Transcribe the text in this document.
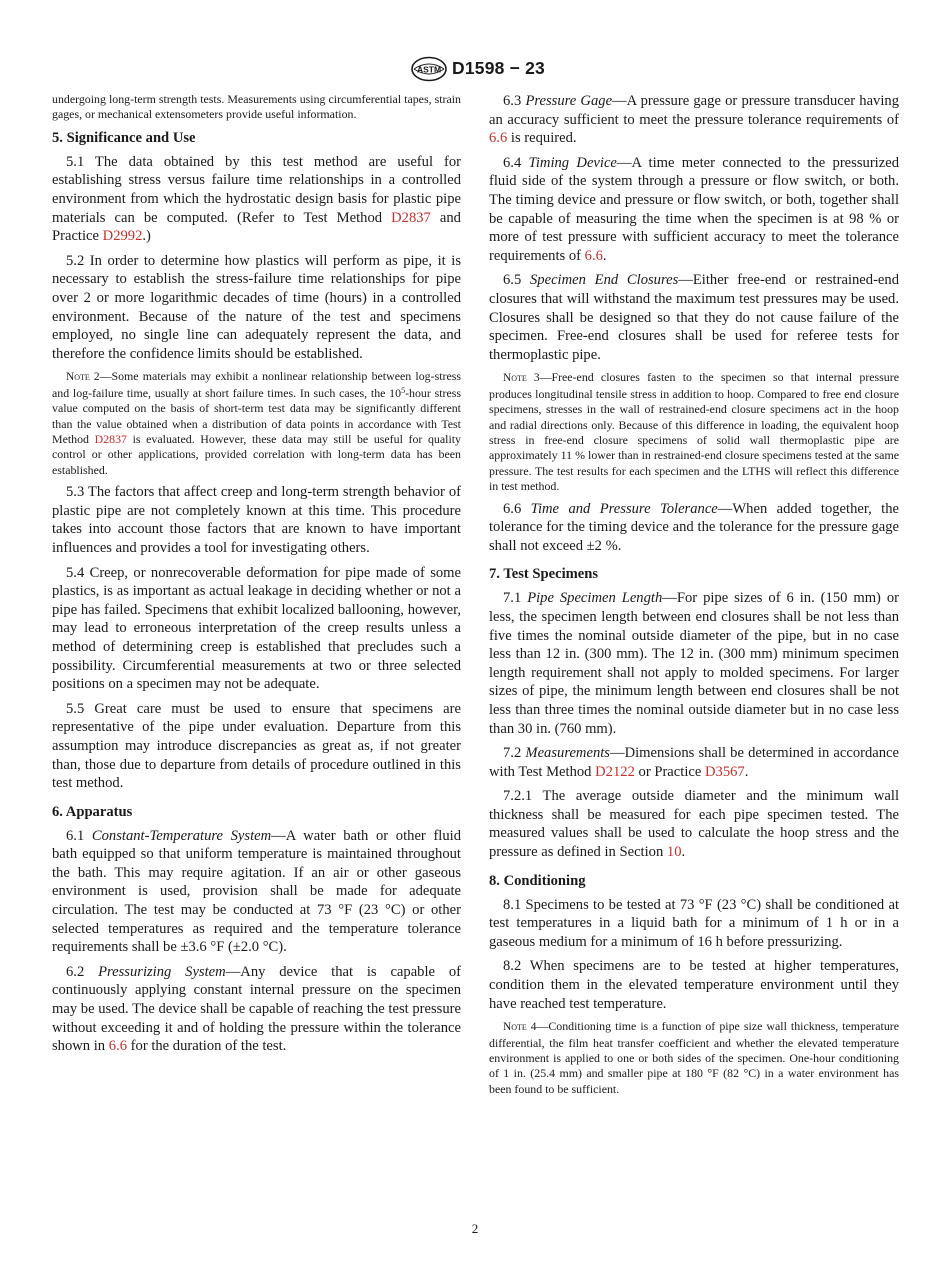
ASTM D1598 − 23

undergoing long-term strength tests. Measurements using circumferential tapes, strain gages, or mechanical extensometers provide useful information.

5. Significance and Use

5.1 The data obtained by this test method are useful for establishing stress versus failure time relationships in a controlled environment from which the hydrostatic design basis for plastic pipe materials can be computed. (Refer to Test Method D2837 and Practice D2992.)

5.2 In order to determine how plastics will perform as pipe, it is necessary to establish the stress-failure time relationships for pipe over 2 or more logarithmic decades of time (hours) in a controlled environment. Because of the nature of the test and specimens employed, no single line can adequately represent the data, and therefore the confidence limits should be established.

Note 2—Some materials may exhibit a nonlinear relationship between log-stress and log-failure time, usually at short failure times. In such cases, the $10^5$-hour stress value computed on the basis of short-term test data may be significantly different than the value obtained when a distribution of data points in accordance with Test Method D2837 is evaluated. However, these data may still be useful for quality control or other applications, provided correlation with long-term data has been established.

5.3 The factors that affect creep and long-term strength behavior of plastic pipe are not completely known at this time. This procedure takes into account those factors that are known to have important influences and provides a tool for investigating others.

5.4 Creep, or nonrecoverable deformation for pipe made of some plastics, is as important as actual leakage in deciding whether or not a pipe has failed. Specimens that exhibit localized ballooning, however, may lead to erroneous interpretation of the creep results unless a method of determining creep is established that precludes such a possibility. Circumferential measurements at two or three selected positions on a specimen may not be adequate.

5.5 Great care must be used to ensure that specimens are representative of the pipe under evaluation. Departure from this assumption may introduce discrepancies as great as, if not greater than, those due to departure from details of procedure outlined in this test method.

6. Apparatus

6.1 Constant-Temperature System—A water bath or other fluid bath equipped so that uniform temperature is maintained throughout the bath. This may require agitation. If an air or other gaseous environment is used, provision shall be made for adequate circulation. The test may be conducted at 73 °F (23 °C) or other selected temperatures as required and the temperature tolerance requirements shall be ±3.6 °F (±2.0 °C).

6.2 Pressurizing System—Any device that is capable of continuously applying constant internal pressure on the specimen may be used. The device shall be capable of reaching the test pressure without exceeding it and of holding the pressure within the tolerance shown in 6.6 for the duration of the test.

6.3 Pressure Gage—A pressure gage or pressure transducer having an accuracy sufficient to meet the pressure tolerance requirements of 6.6 is required.

6.4 Timing Device—A time meter connected to the pressurized fluid side of the system through a pressure or flow switch, or both. The timing device and pressure or flow switch, or both, together shall be capable of measuring the time when the specimen is at 98 % or more of test pressure with sufficient accuracy to meet the tolerance requirements of 6.6.

6.5 Specimen End Closures—Either free-end or restrained-end closures that will withstand the maximum test pressures may be used. Closures shall be designed so that they do not cause failure of the specimen. Free-end closures shall be used for referee tests for thermoplastic pipe.

Note 3—Free-end closures fasten to the specimen so that internal pressure produces longitudinal tensile stress in addition to hoop. Compared to free end closure specimens, stresses in the wall of restrained-end closure specimens act in the hoop and radial directions only. Because of this difference in loading, the equivalent hoop stress in free-end closure specimens of solid wall thermoplastic pipe are approximately 11 % lower than in restrained-end closure specimens tested at the same pressure. The test results for each specimen and the LTHS will reflect this difference in test method.

6.6 Time and Pressure Tolerance—When added together, the tolerance for the timing device and the tolerance for the pressure gage shall not exceed ±2 %.

7. Test Specimens

7.1 Pipe Specimen Length—For pipe sizes of 6 in. (150 mm) or less, the specimen length between end closures shall be not less than five times the nominal outside diameter of the pipe, but in no case less than 12 in. (300 mm). The 12 in. (300 mm) minimum specimen length requirement shall not apply to molded specimens. For larger sizes of pipe, the minimum length between end closures shall be not less than three times the nominal outside diameter but in no case less than 30 in. (760 mm).

7.2 Measurements—Dimensions shall be determined in accordance with Test Method D2122 or Practice D3567.

7.2.1 The average outside diameter and the minimum wall thickness shall be measured for each pipe specimen tested. The measured values shall be used to calculate the hoop stress and the pressure as defined in Section 10.

8. Conditioning

8.1 Specimens to be tested at 73 °F (23 °C) shall be conditioned at test temperatures in a liquid bath for a minimum of 1 h or in a gaseous medium for a minimum of 16 h before pressurizing.

8.2 When specimens are to be tested at higher temperatures, condition them in the elevated temperature environment until they have reached test temperature.

Note 4—Conditioning time is a function of pipe size wall thickness, temperature differential, the film heat transfer coefficient and whether the elevated temperature environment is applied to one or both sides of the specimen. One-hour conditioning of 1 in. (25.4 mm) and smaller pipe at 180 °F (82 °C) in a water environment has been found to be sufficient.

2
